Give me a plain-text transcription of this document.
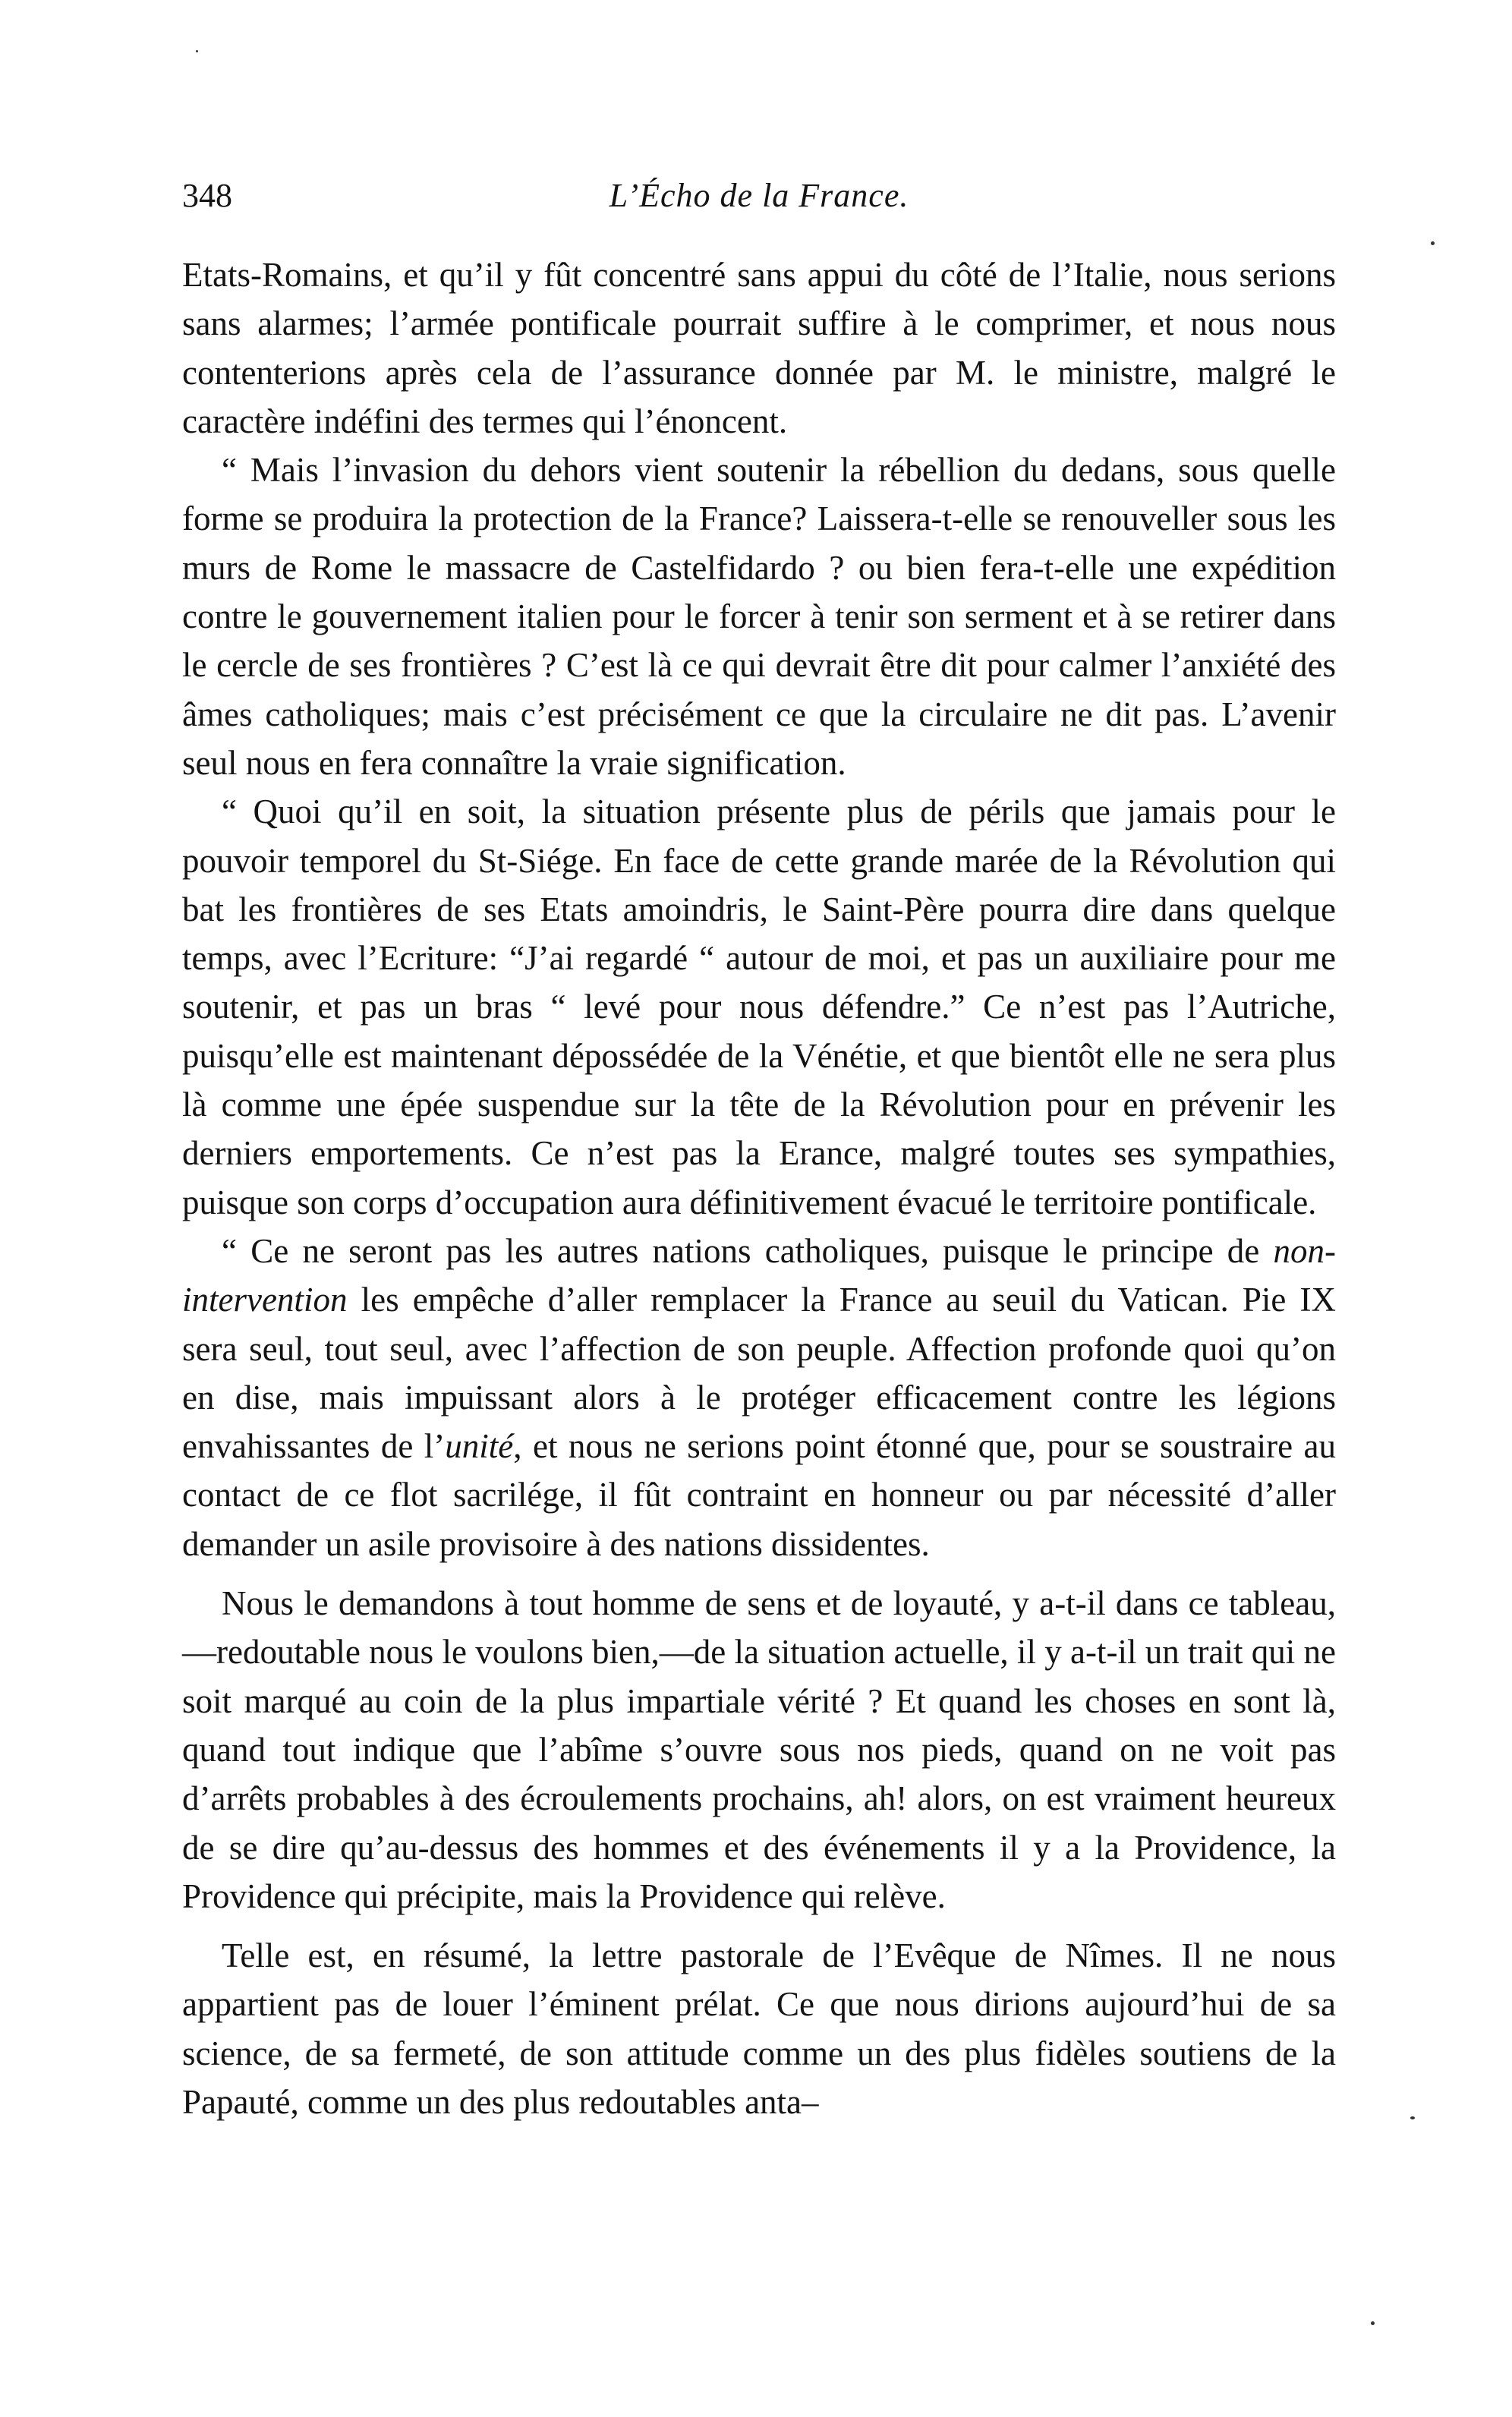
348	L’Écho de la France.

Etats-Romains, et qu’il y fût concentré sans appui du côté de l’Italie, nous serions sans alarmes; l’armée pontificale pourrait suffire à le comprimer, et nous nous contenterions après cela de l’assurance donnée par M. le ministre, malgré le caractère indéfini des termes qui l’énoncent.

“ Mais l’invasion du dehors vient soutenir la rébellion du dedans, sous quelle forme se produira la protection de la France? Laissera-t-elle se renouveller sous les murs de Rome le massacre de Castelfidardo ? ou bien fera-t-elle une expédition contre le gouvernement italien pour le forcer à tenir son serment et à se retirer dans le cercle de ses frontières ? C’est là ce qui devrait être dit pour calmer l’anxiété des âmes catholiques; mais c’est précisément ce que la circulaire ne dit pas. L’avenir seul nous en fera connaître la vraie signification.

“ Quoi qu’il en soit, la situation présente plus de périls que jamais pour le pouvoir temporel du St-Siége. En face de cette grande marée de la Révolution qui bat les frontières de ses Etats amoindris, le Saint-Père pourra dire dans quelque temps, avec l’Ecriture: “J’ai regardé “ autour de moi, et pas un auxiliaire pour me soutenir, et pas un bras “ levé pour nous défendre.” Ce n’est pas l’Autriche, puisqu’elle est maintenant dépossédée de la Vénétie, et que bientôt elle ne sera plus là comme une épée suspendue sur la tête de la Révolution pour en prévenir les derniers emportements. Ce n’est pas la Erance, malgré toutes ses sympathies, puisque son corps d’occupation aura définitivement évacué le territoire pontificale.

“ Ce ne seront pas les autres nations catholiques, puisque le principe de non-intervention les empêche d’aller remplacer la France au seuil du Vatican. Pie IX sera seul, tout seul, avec l’affection de son peuple. Affection profonde quoi qu’on en dise, mais impuissant alors à le protéger efficacement contre les légions envahissantes de l’unité, et nous ne serions point étonné que, pour se soustraire au contact de ce flot sacrilége, il fût contraint en honneur ou par nécessité d’aller demander un asile provisoire à des nations dissidentes.

Nous le demandons à tout homme de sens et de loyauté, y a-t-il dans ce tableau,—redoutable nous le voulons bien,—de la situation actuelle, il y a-t-il un trait qui ne soit marqué au coin de la plus impartiale vérité ? Et quand les choses en sont là, quand tout indique que l’abîme s’ouvre sous nos pieds, quand on ne voit pas d’arrêts probables à des écroulements prochains, ah! alors, on est vraiment heureux de se dire qu’au-dessus des hommes et des événements il y a la Providence, la Providence qui précipite, mais la Providence qui relève.

Telle est, en résumé, la lettre pastorale de l’Evêque de Nîmes. Il ne nous appartient pas de louer l’éminent prélat. Ce que nous dirions aujourd’hui de sa science, de sa fermeté, de son attitude comme un des plus fidèles soutiens de la Papauté, comme un des plus redoutables anta–
